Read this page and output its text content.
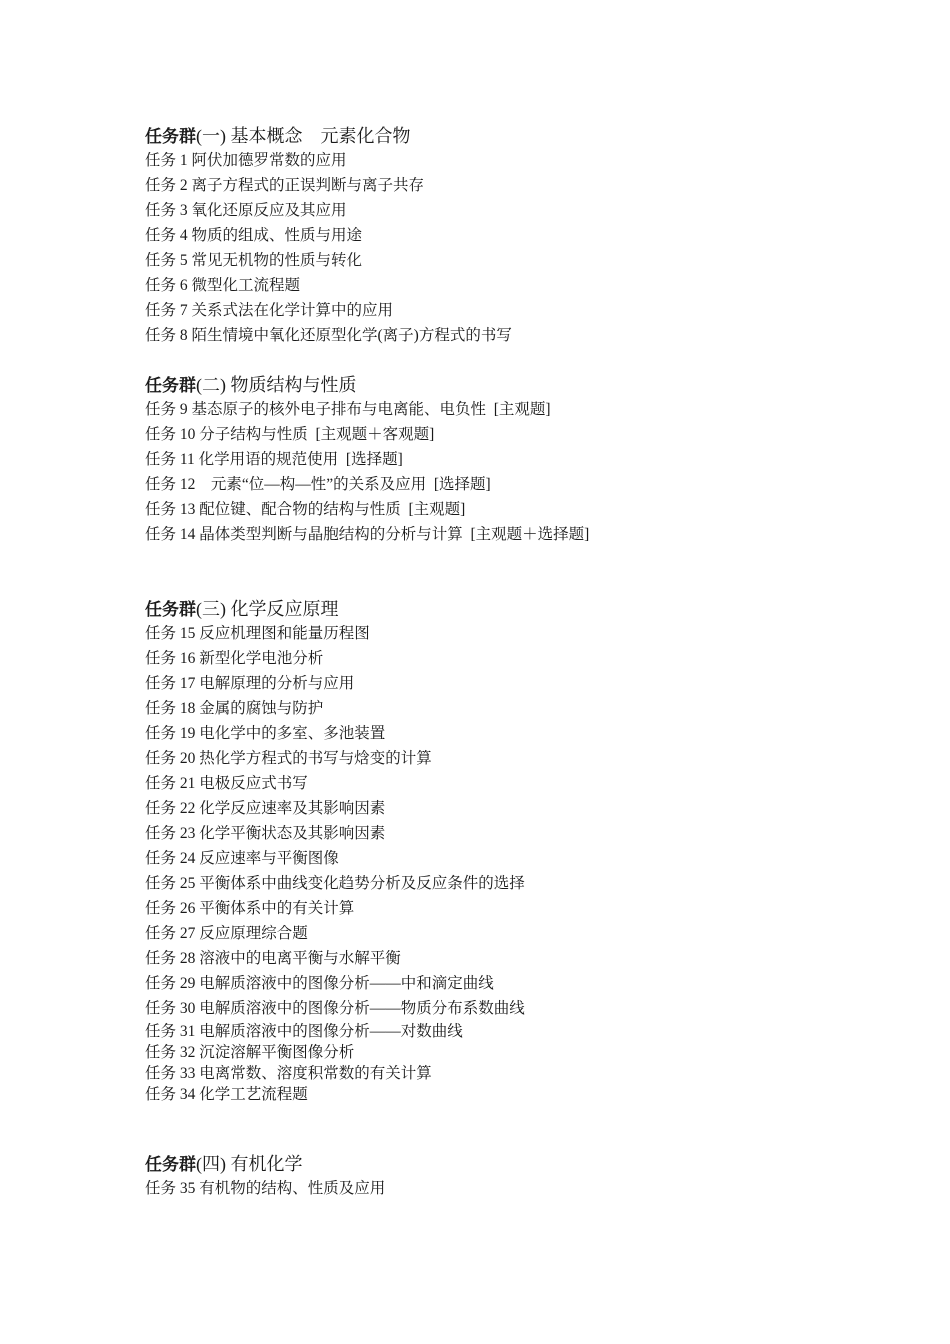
任务群(一) 基本概念　元素化合物
任务 1 阿伏加德罗常数的应用
任务 2 离子方程式的正误判断与离子共存
任务 3 氧化还原反应及其应用
任务 4 物质的组成、性质与用途
任务 5 常见无机物的性质与转化
任务 6 微型化工流程题
任务 7 关系式法在化学计算中的应用
任务 8 陌生情境中氧化还原型化学(离子)方程式的书写
任务群(二) 物质结构与性质
任务 9 基态原子的核外电子排布与电离能、电负性  [主观题]
任务 10 分子结构与性质  [主观题＋客观题]
任务 11 化学用语的规范使用  [选择题]
任务 12　元素“位—构—性”的关系及应用  [选择题]
任务 13 配位键、配合物的结构与性质  [主观题]
任务 14 晶体类型判断与晶胞结构的分析与计算  [主观题＋选择题]
任务群(三) 化学反应原理
任务 15 反应机理图和能量历程图
任务 16 新型化学电池分析
任务 17 电解原理的分析与应用
任务 18 金属的腐蚀与防护
任务 19 电化学中的多室、多池装置
任务 20 热化学方程式的书写与焓变的计算
任务 21 电极反应式书写
任务 22 化学反应速率及其影响因素
任务 23 化学平衡状态及其影响因素
任务 24 反应速率与平衡图像
任务 25 平衡体系中曲线变化趋势分析及反应条件的选择
任务 26 平衡体系中的有关计算
任务 27 反应原理综合题
任务 28 溶液中的电离平衡与水解平衡
任务 29 电解质溶液中的图像分析——中和滴定曲线
任务 30 电解质溶液中的图像分析——物质分布系数曲线
任务 31 电解质溶液中的图像分析——对数曲线
任务 32 沉淀溶解平衡图像分析
任务 33 电离常数、溶度积常数的有关计算
任务 34 化学工艺流程题
任务群(四) 有机化学
任务 35 有机物的结构、性质及应用
